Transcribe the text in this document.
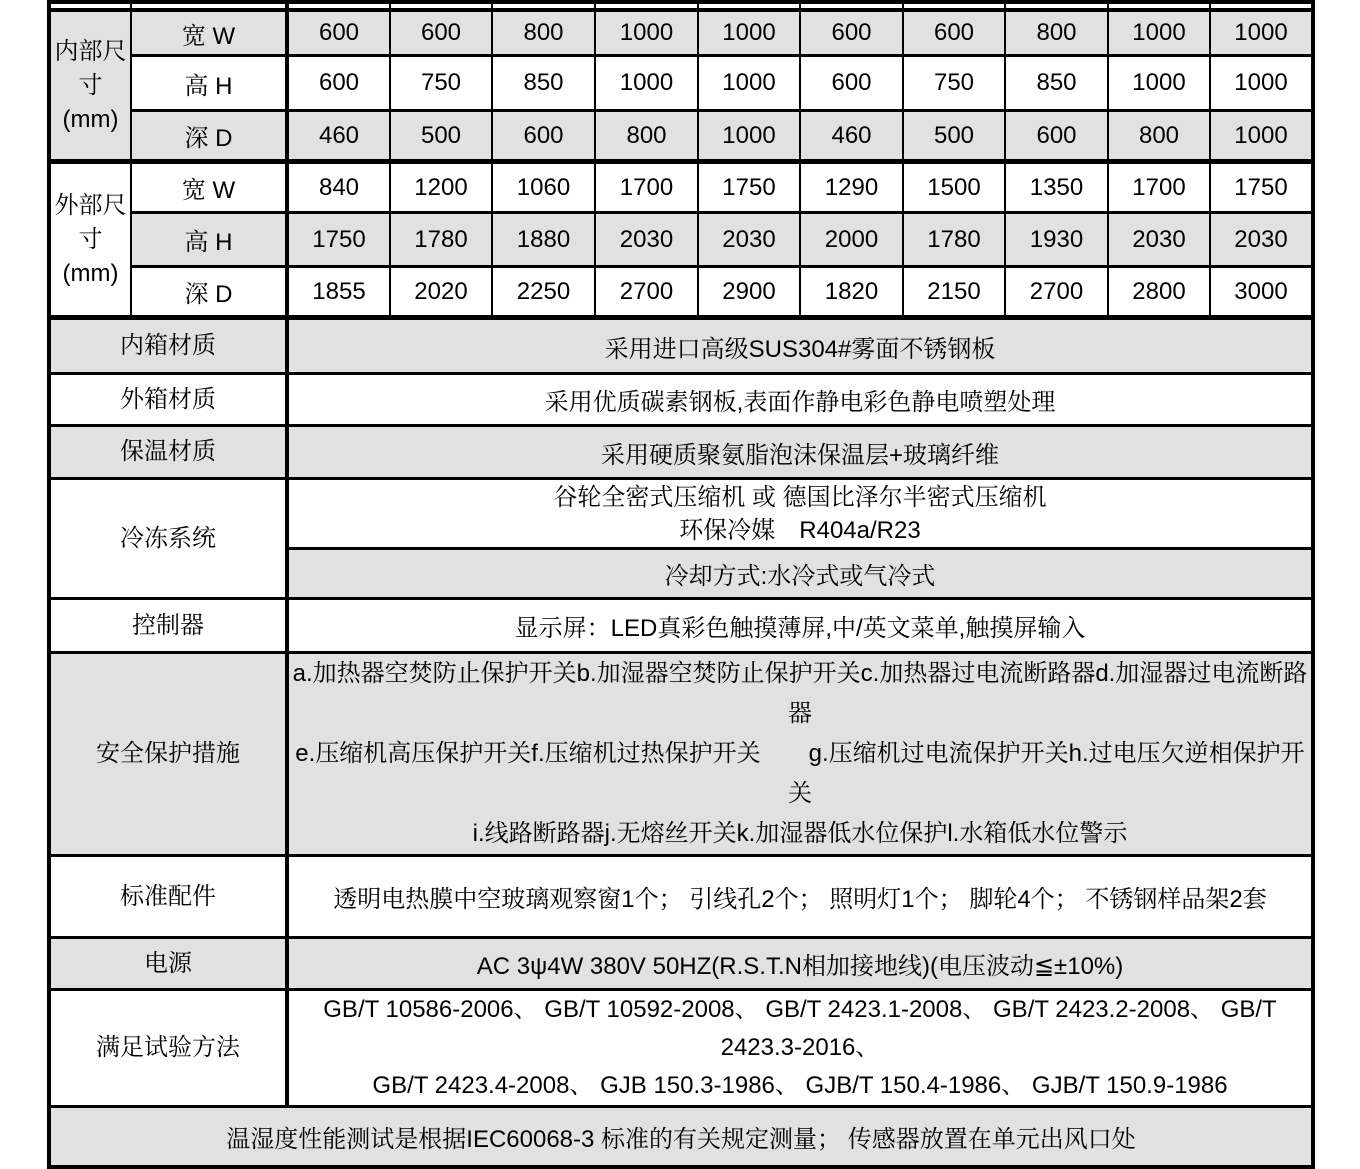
内部尺寸(mm)	宽 W	600	600	800	1000	1000	600	600	800	1000	1000
	高 H	600	750	850	1000	1000	600	750	850	1000	1000
	深 D	460	500	600	800	1000	460	500	600	800	1000
外部尺寸(mm)	宽 W	840	1200	1060	1700	1750	1290	1500	1350	1700	1750
	高 H	1750	1780	1880	2030	2030	2000	1780	1930	2030	2030
	深 D	1855	2020	2250	2700	2900	1820	2150	2700	2800	3000
内箱材质		采用进口高级SUS304#雾面不锈钢板									
外箱材质		采用优质碳素钢板,表面作静电彩色静电喷塑处理									
保温材质		采用硬质聚氨脂泡沫保温层+玻璃纤维									
冷冻系统		谷轮全密式压缩机 或 德国比泽尔半密式压缩机
环保冷媒　R404a/R23									

		冷却方式:水冷式或气冷式									
控制器		显示屏：LED真彩色触摸薄屏,中/英文菜单,触摸屏输入									
安全保护措施		a.加热器空焚防止保护开关b.加湿器空焚防止保护开关c.加热器过电流断路器d.加湿器过电流断路器
e.压缩机高压保护开关f.压缩机过热保护开关　　g.压缩机过电流保护开关h.过电压欠逆相保护开关
i.线路断路器j.无熔丝开关k.加湿器低水位保护l.水箱低水位警示									

标准配件		透明电热膜中空玻璃观察窗1个； 引线孔2个； 照明灯1个； 脚轮4个； 不锈钢样品架2套									
电源		AC 3ψ4W 380V 50HZ(R.S.T.N相加接地线)(电压波动≦±10%)									
满足试验方法		GB/T 10586-2006、 GB/T 10592-2008、 GB/T 2423.1-2008、 GB/T 2423.2-2008、 GB/T 2423.3-2016、
GB/T 2423.4-2008、 GJB 150.3-1986、 GJB/T 150.4-1986、 GJB/T 150.9-1986									

温湿度性能测试是根据IEC60068-3 标准的有关规定测量； 传感器放置在单元出风口处											
